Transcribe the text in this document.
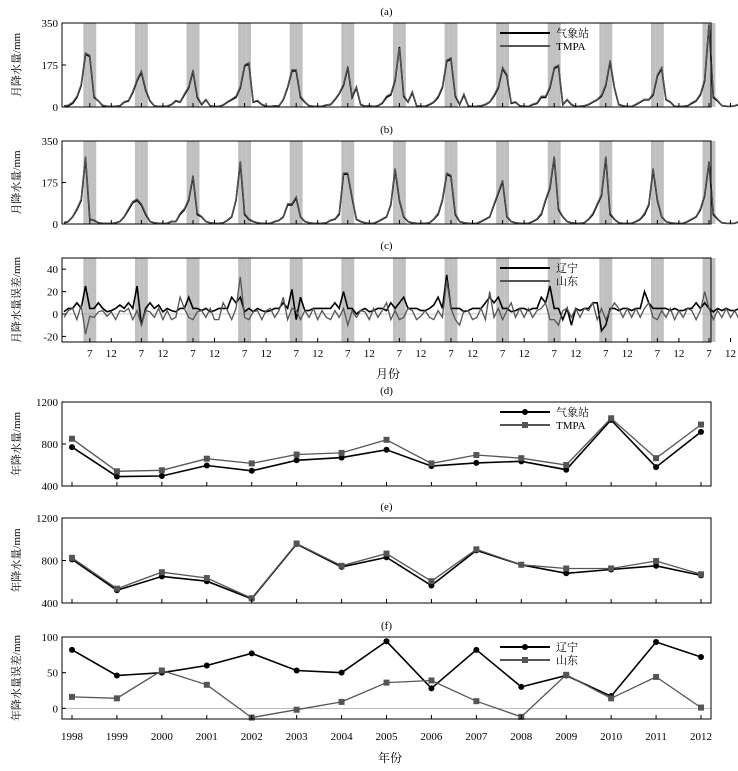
(a)
0
175
350
月降水量/mm	气象站
TMPA
(b)
0
175
350
月降水量/mm
(c)
-20
0
20
40
月降水量误差/mm
7 12 7 12 7 12 7 12 7 12 7 12 7 12 7 12 7 12 7 12 7 12 7 12 7 12
辽宁
山东
月份
(d)
400
800
1200
年降水量/mm	气象站
TMPA
(e)
400
800
1200
年降水量/mm
(f)
0
50
100
年降水量误差/mm
1998 1999 2000 2001 2002 2003 2004 2005 2006 2007 2008 2009 2010 2011 2012
辽宁
山东
年份
